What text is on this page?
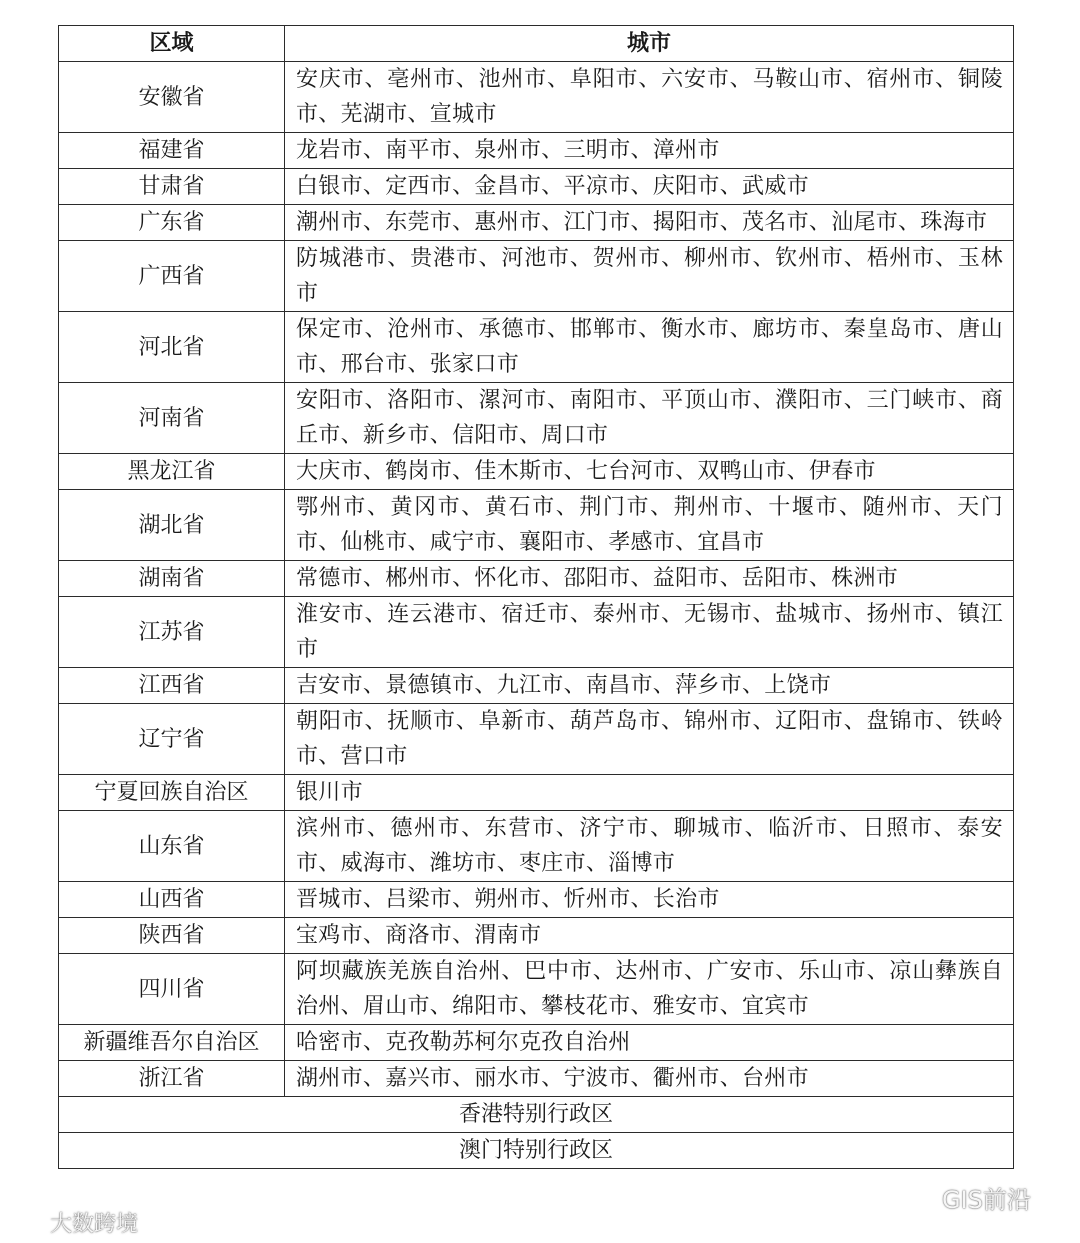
区域	城市
安徽省	安庆市、亳州市、池州市、阜阳市、六安市、马鞍山市、宿州市、铜陵市、芜湖市、宣城市
福建省	龙岩市、南平市、泉州市、三明市、漳州市
甘肃省	白银市、定西市、金昌市、平凉市、庆阳市、武威市
广东省	潮州市、东莞市、惠州市、江门市、揭阳市、茂名市、汕尾市、珠海市
广西省	防城港市、贵港市、河池市、贺州市、柳州市、钦州市、梧州市、玉林市
河北省	保定市、沧州市、承德市、邯郸市、衡水市、廊坊市、秦皇岛市、唐山市、邢台市、张家口市
河南省	安阳市、洛阳市、漯河市、南阳市、平顶山市、濮阳市、三门峡市、商丘市、新乡市、信阳市、周口市
黑龙江省	大庆市、鹤岗市、佳木斯市、七台河市、双鸭山市、伊春市
湖北省	鄂州市、黄冈市、黄石市、荆门市、荆州市、十堰市、随州市、天门市、仙桃市、咸宁市、襄阳市、孝感市、宜昌市
湖南省	常德市、郴州市、怀化市、邵阳市、益阳市、岳阳市、株洲市
江苏省	淮安市、连云港市、宿迁市、泰州市、无锡市、盐城市、扬州市、镇江市
江西省	吉安市、景德镇市、九江市、南昌市、萍乡市、上饶市
辽宁省	朝阳市、抚顺市、阜新市、葫芦岛市、锦州市、辽阳市、盘锦市、铁岭市、营口市
宁夏回族自治区	银川市
山东省	滨州市、德州市、东营市、济宁市、聊城市、临沂市、日照市、泰安市、威海市、潍坊市、枣庄市、淄博市
山西省	晋城市、吕梁市、朔州市、忻州市、长治市
陕西省	宝鸡市、商洛市、渭南市
四川省	阿坝藏族羌族自治州、巴中市、达州市、广安市、乐山市、凉山彝族自治州、眉山市、绵阳市、攀枝花市、雅安市、宜宾市
新疆维吾尔自治区	哈密市、克孜勒苏柯尔克孜自治州
浙江省	湖州市、嘉兴市、丽水市、宁波市、衢州市、台州市
香港特别行政区	
澳门特别行政区	
大数跨境
GIS前沿
